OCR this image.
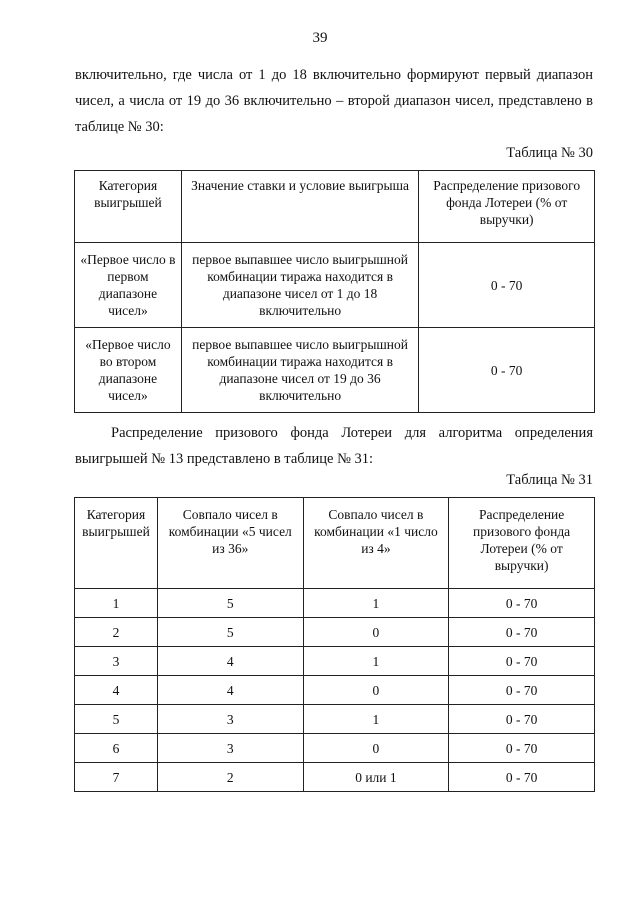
39
включительно, где числа от 1 до 18 включительно формируют первый диапазон чисел, а числа от 19 до 36 включительно – второй диапазон чисел, представлено в таблице № 30:
Таблица № 30
Категория выигрышей	Значение ставки и условие выигрыша	Распределение призового фонда Лотереи (% от выручки)
«Первое число в первом диапазоне чисел»	первое выпавшее число выигрышной комбинации тиража находится в диапазоне чисел от 1 до 18 включительно	0 - 70
«Первое число во втором диапазоне чисел»	первое выпавшее число выигрышной комбинации тиража находится в диапазоне чисел от 19 до 36 включительно	0 - 70
Распределение призового фонда Лотереи для алгоритма определения выигрышей № 13 представлено в таблице № 31:
Таблица № 31
Категория выигрышей	Совпало чисел в комбинации «5 чисел из 36»	Совпало чисел в комбинации «1 число из 4»	Распределение призового фонда Лотереи (% от выручки)
1	5	1	0 - 70
2	5	0	0 - 70
3	4	1	0 - 70
4	4	0	0 - 70
5	3	1	0 - 70
6	3	0	0 - 70
7	2	0 или 1	0 - 70
